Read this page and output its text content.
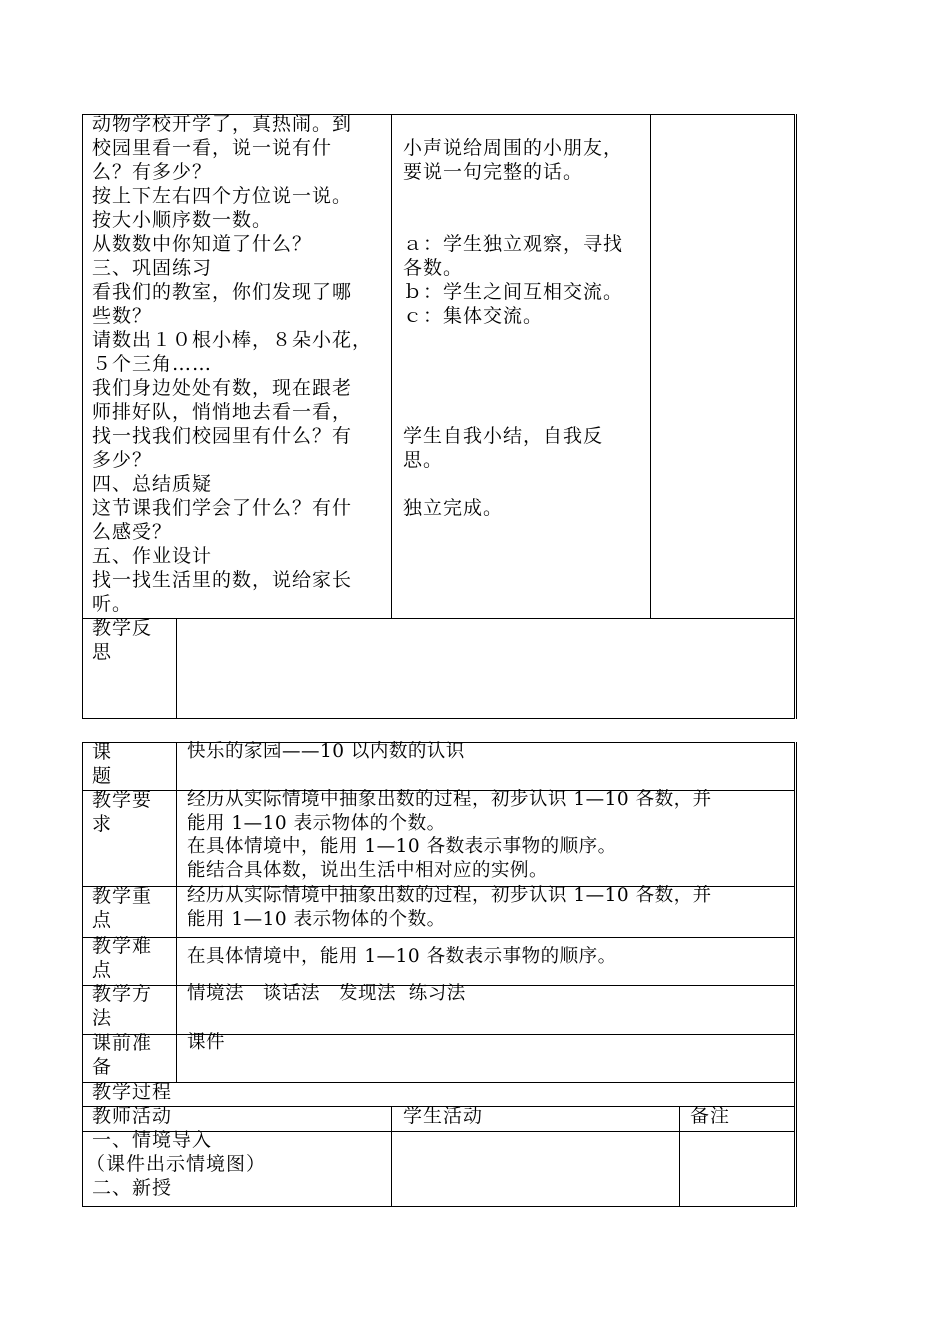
动物学校开学了，真热闹。到
校园里看一看，说一说有什
么？有多少？
按上下左右四个方位说一说。
按大小顺序数一数。
从数数中你知道了什么？
三、巩固练习
看我们的教室，你们发现了哪
些数？
请数出１０根小棒，８朵小花，
５个三角……
我们身边处处有数，现在跟老
师排好队，悄悄地去看一看，
找一找我们校园里有什么？有
多少？
四、总结质疑
这节课我们学会了什么？有什
么感受？
五、作业设计
找一找生活里的数，说给家长
听。
小声说给周围的小朋友，
要说一句完整的话。
ａ：学生独立观察，寻找
各数。
ｂ：学生之间互相交流。
ｃ：集体交流。
学生自我小结，自我反
思。
独立完成。
教学反
思
课
题
教学要
求
教学重
点
教学难
点
教学方
法
课前准
备
快乐的家园——10 以内数的认识
经历从实际情境中抽象出数的过程，初步认识 1—10 各数，并
能用 1—10 表示物体的个数。
在具体情境中，能用 1—10 各数表示事物的顺序。
能结合具体数，说出生活中相对应的实例。
经历从实际情境中抽象出数的过程，初步认识 1—10 各数，并
能用 1—10 表示物体的个数。
在具体情境中，能用 1—10 各数表示事物的顺序。
情境法　谈话法　发现法  练习法
课件
教学过程
教师活动	学生活动	备注
一、情境导入
（课件出示情境图）
二、新授
